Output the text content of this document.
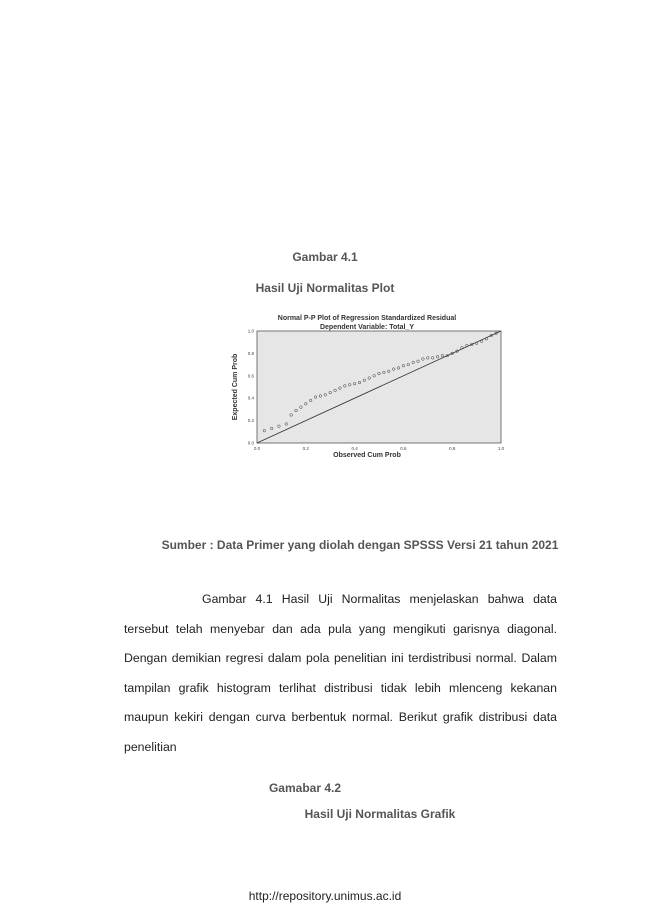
Gambar 4.1
Hasil Uji Normalitas Plot
Normal P-P Plot of Regression Standardized Residual
Dependent Variable: Total_Y
0.0	0.2	0.4	0.6	0.8	1.0
0.0
0.2
0.4
0.6
0.8
1.0
Observed Cum Prob
Expected Cum Prob
Sumber : Data Primer yang diolah dengan SPSSS Versi 21 tahun 2021

Gambar 4.1 Hasil Uji Normalitas menjelaskan bahwa data tersebut telah menyebar dan ada pula yang mengikuti garisnya diagonal. Dengan demikian regresi dalam pola penelitian ini terdistribusi normal. Dalam tampilan grafik histogram terlihat distribusi tidak lebih mlenceng kekanan maupun kekiri dengan curva berbentuk normal. Berikut grafik distribusi data penelitian

Gamabar 4.2
Hasil Uji Normalitas Grafik
http://repository.unimus.ac.id
